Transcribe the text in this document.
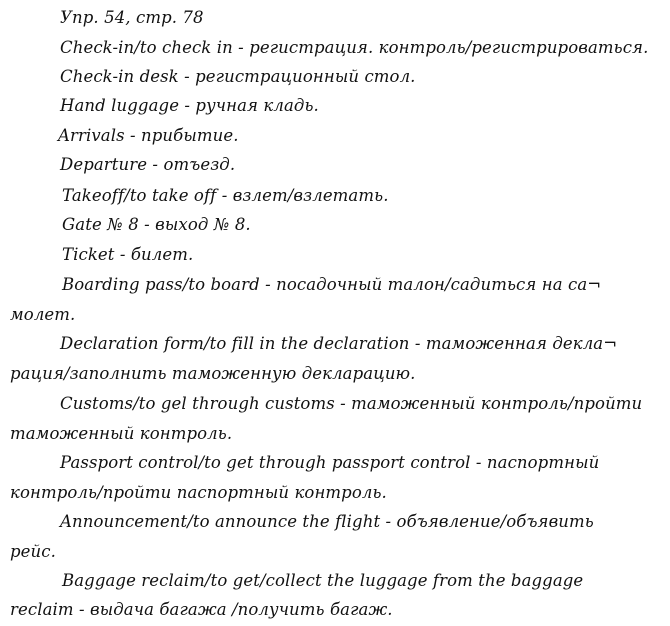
Упр. 54, стр. 78
Check-in/to check in - регистрация. контроль/регистрироваться.
Check-in desk - регистрационный стол.
Hand luggage - ручная кладь.
Arrivals - прибытие.
Departure - отъезд.
Takeoff/to take off - взлет/взлетать.
Gate № 8 - выход № 8.
Ticket - билет.
Boarding pass/to board - посадочный талон/садиться на са¬
молет.
Declaration form/to fill in the declaration - таможенная декла¬
рация/заполнить таможенную декларацию.
Customs/to gel through customs - таможенный контроль/пройти
таможенный контроль.
Passport control/to get through passport control - паспортный
контроль/пройти паспортный контроль.
Announcement/to announce the flight - объявление/объявить
рейс.
Baggage reclaim/to get/collect the luggage from the baggage
reclaim - выдача багажа /получить багаж.
